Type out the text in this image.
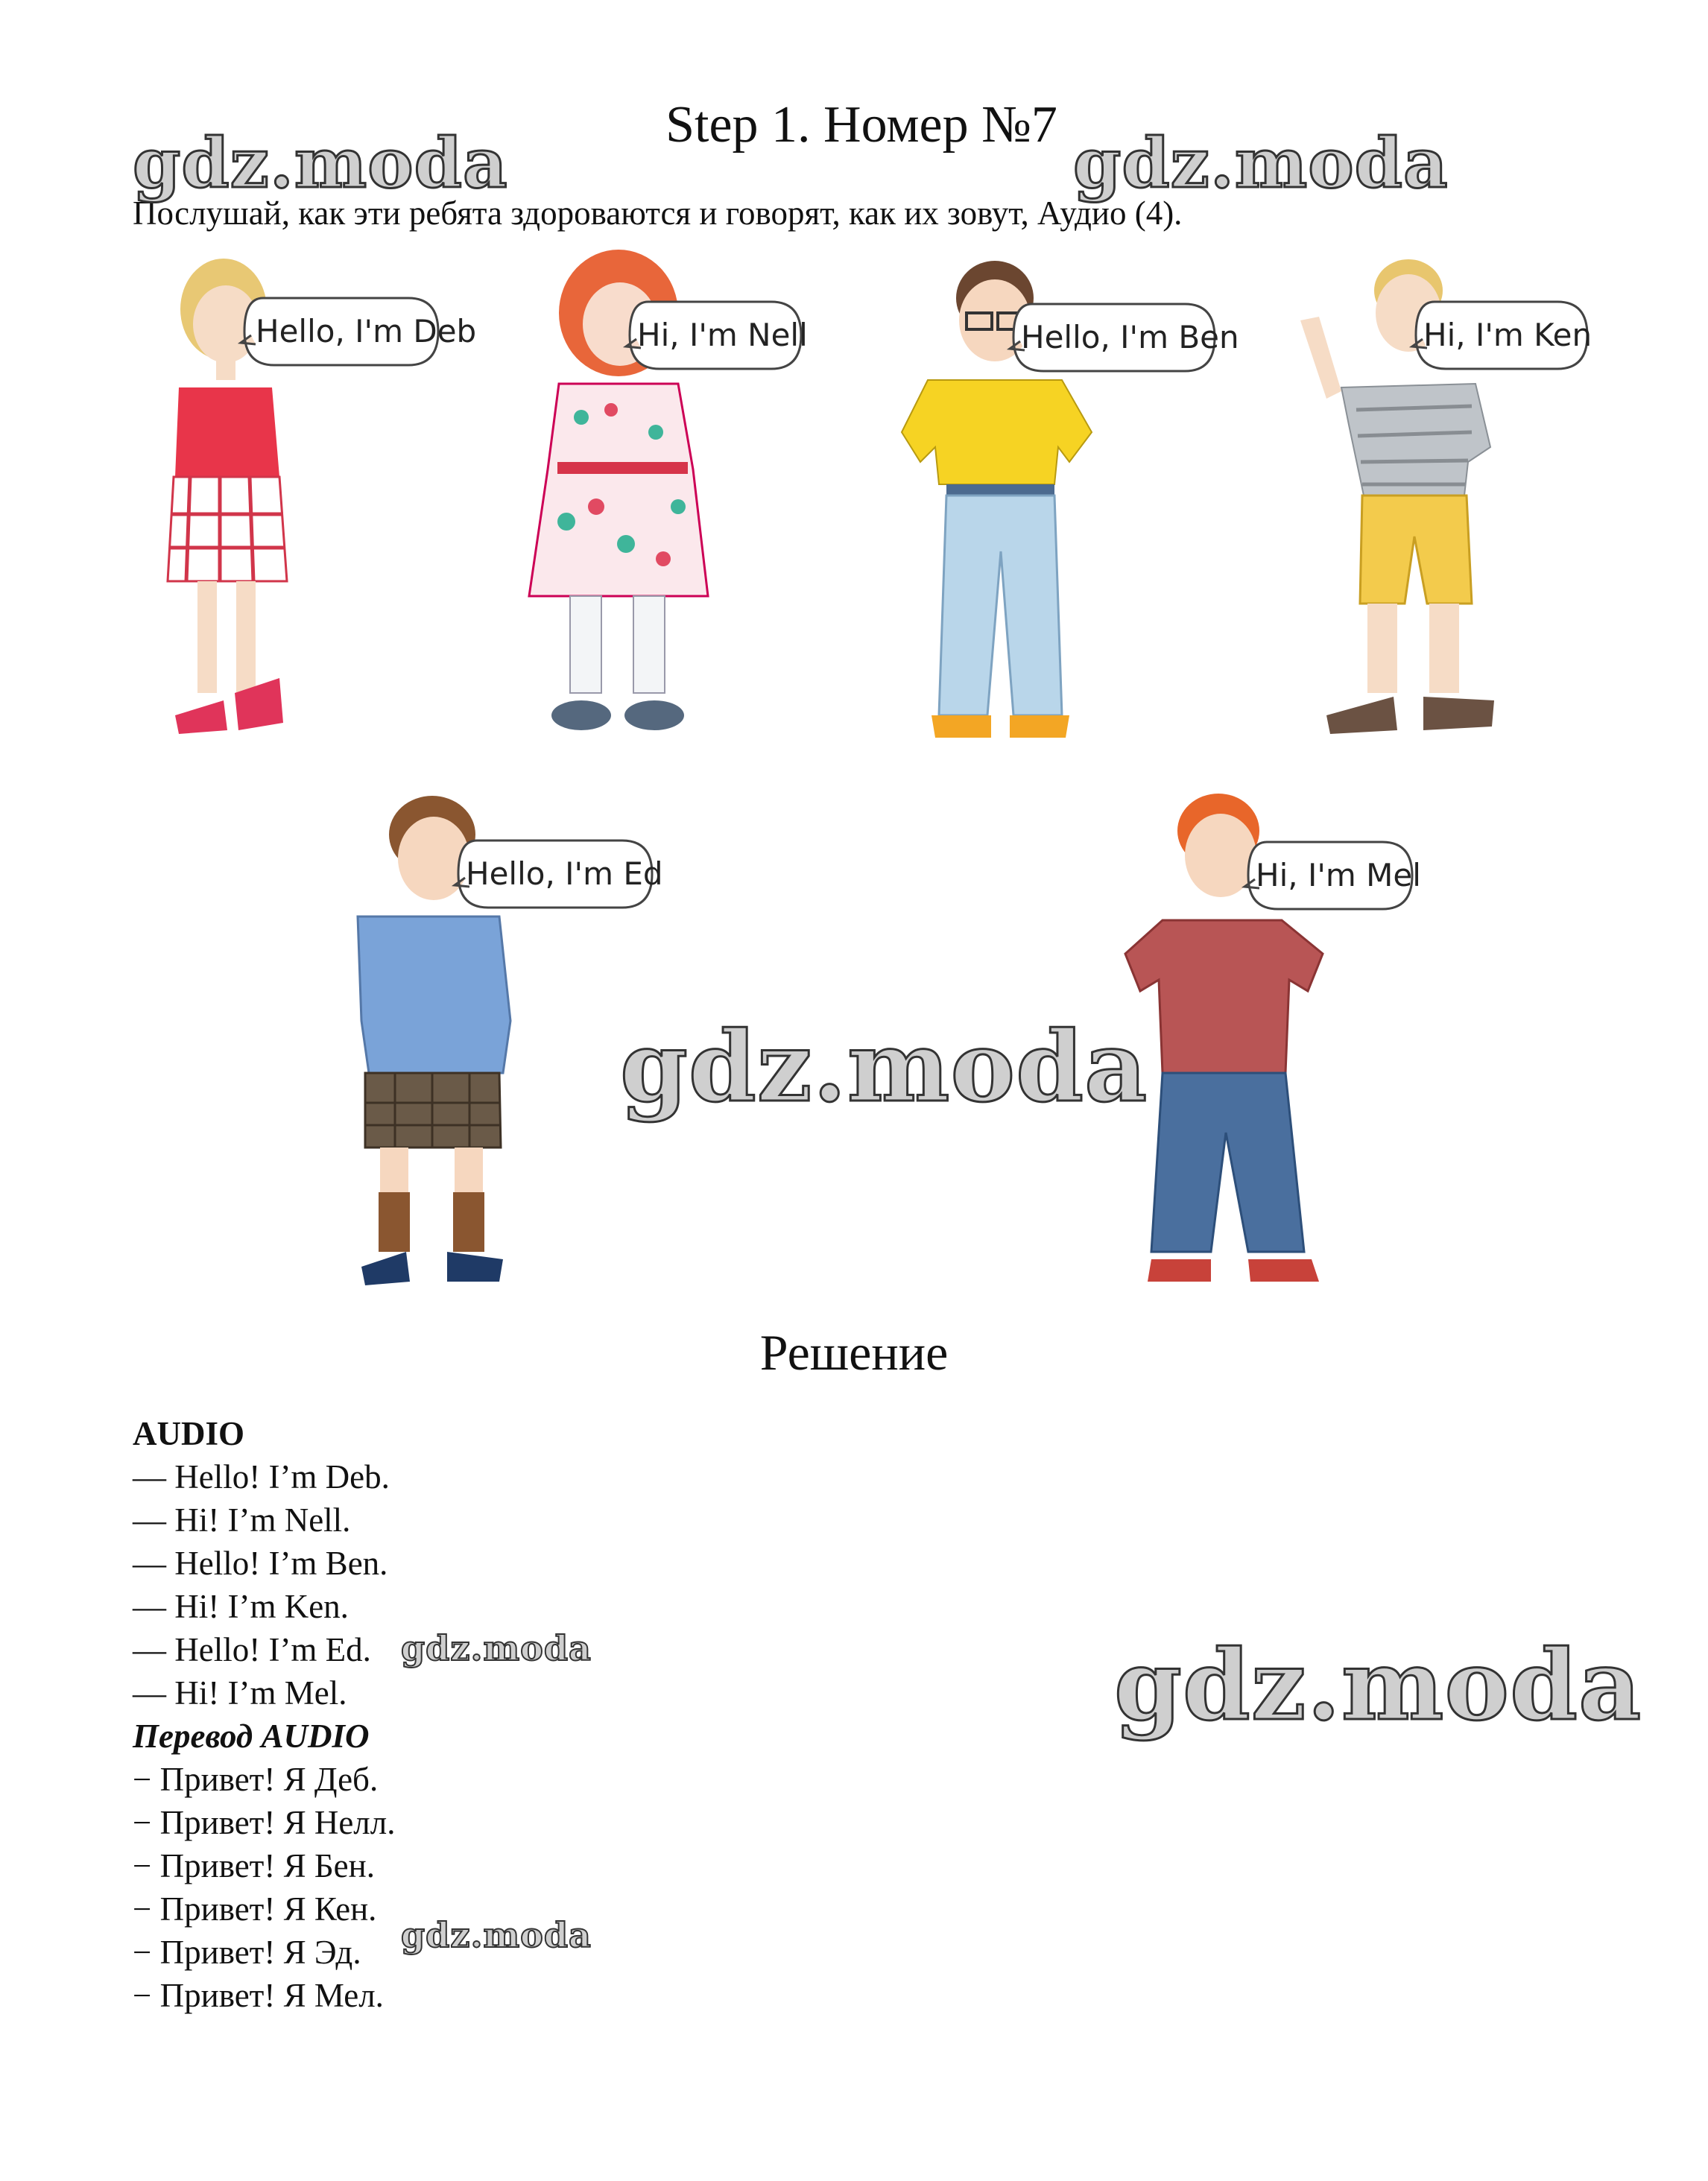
Step 1. Номер №7
Послушай, как эти ребята здороваются и говорят, как их зовут, Аудио (4).
gdz.moda	gdz.moda
gdz.moda
gdz.moda
gdz.moda
gdz.moda
Hello, I'm Deb	Hi, I'm Nell	Hello, I'm Ben	Hi, I'm Ken
Hello, I'm Ed	Hi, I'm Mel
Решение
AUDIO
— Hello! I’m Deb.
— Hi! I’m Nell.
— Hello! I’m Ben.
— Hi! I’m Ken.
— Hello! I’m Ed.
— Hi! I’m Mel.
Перевод AUDIO
− Привет! Я Деб.
− Привет! Я Нелл.
− Привет! Я Бен.
− Привет! Я Кен.
− Привет! Я Эд.
− Привет! Я Мел.
